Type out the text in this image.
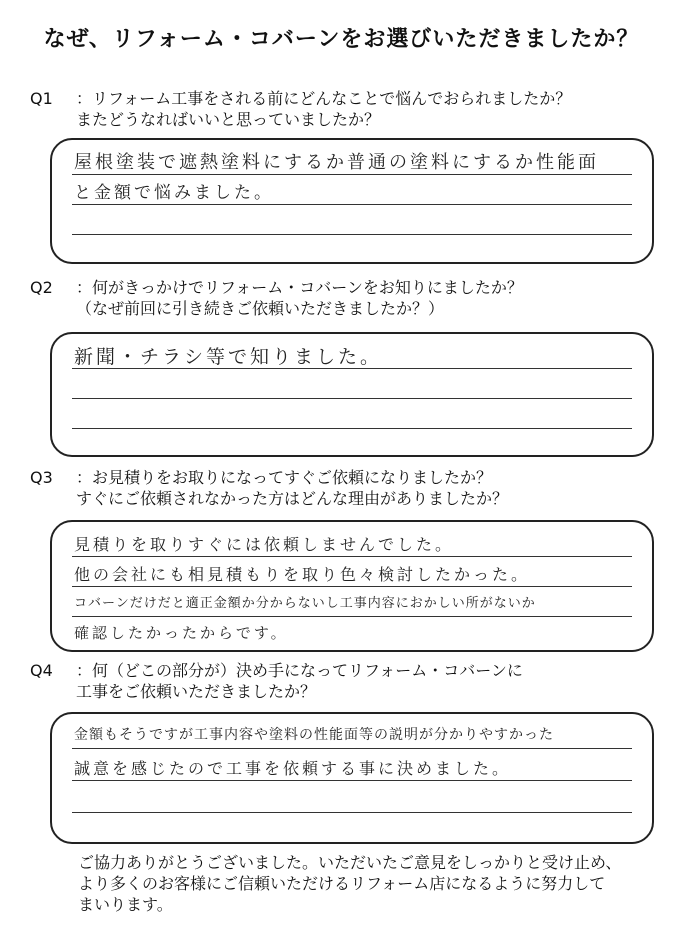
なぜ、リフォーム・コバーンをお選びいただきましたか？
Q1 ：リフォーム工事をされる前にどんなことで悩んでおられましたか？
またどうなればいいと思っていましたか？
屋根塗装で遮熱塗料にするか普通の塗料にするか性能面
と金額で悩みました。
Q2 ：何がきっかけでリフォーム・コバーンをお知りにましたか？
（なぜ前回に引き続きご依頼いただきましたか？）
新聞・チラシ等で知りました。
Q3 ：お見積りをお取りになってすぐご依頼になりましたか？
すぐにご依頼されなかった方はどんな理由がありましたか？
見積りを取りすぐには依頼しませんでした。
他の会社にも相見積もりを取り色々検討したかった。
コバーンだけだと適正金額か分からないし工事内容におかしい所がないか
確認したかったからです。
Q4 ：何（どこの部分が）決め手になってリフォーム・コバーンに
工事をご依頼いただきましたか？
金額もそうですが工事内容や塗料の性能面等の説明が分かりやすかった
誠意を感じたので工事を依頼する事に決めました。
ご協力ありがとうございました。いただいたご意見をしっかりと受け止め、
より多くのお客様にご信頼いただけるリフォーム店になるように努力して
まいります。
